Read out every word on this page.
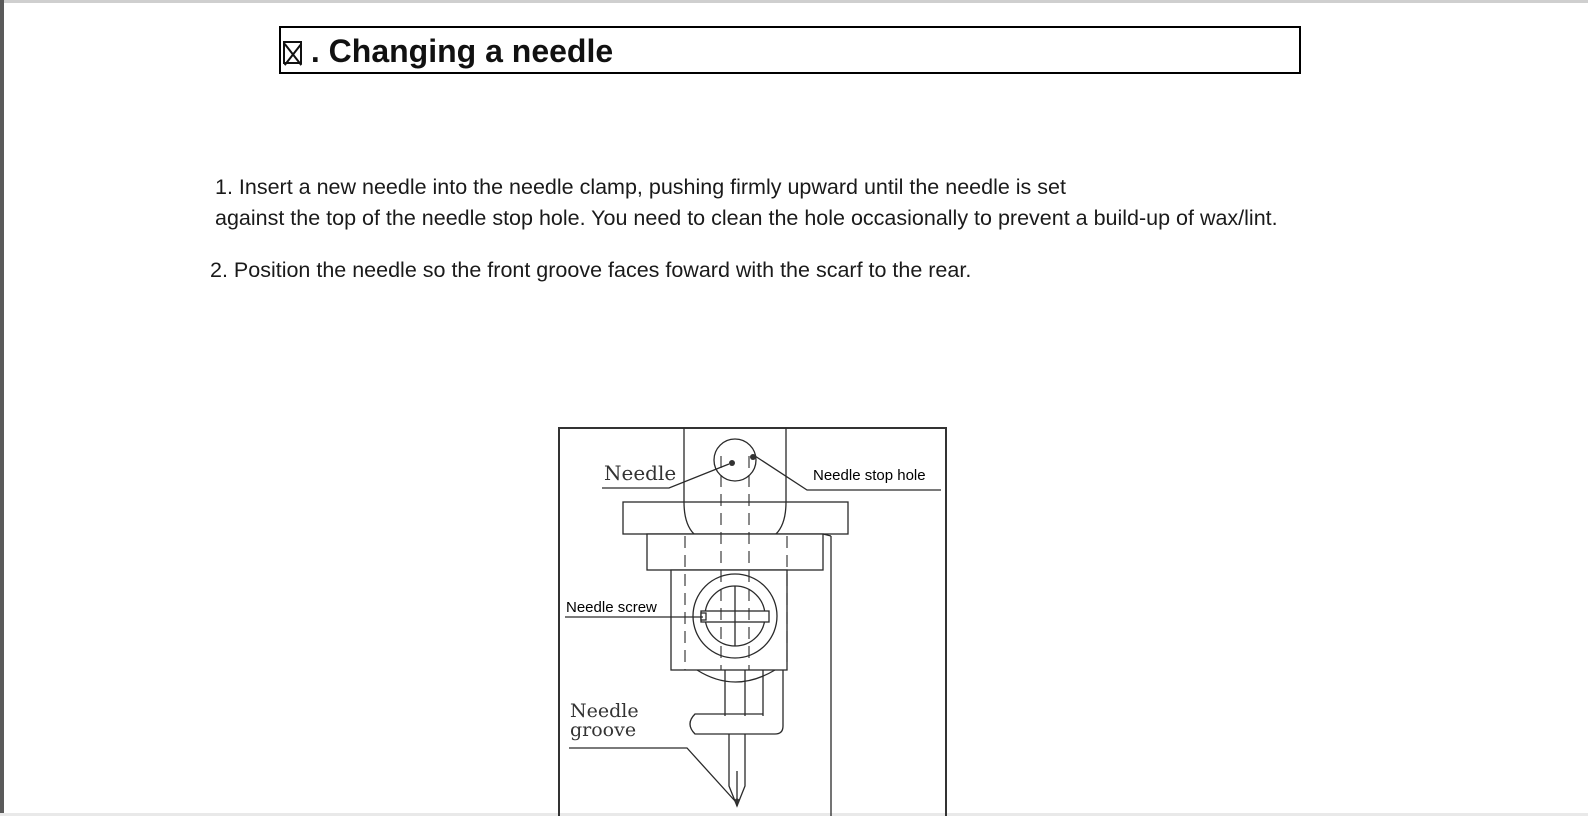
. Changing a needle
1. Insert a new needle into the needle clamp, pushing firmly upward until the needle is set
against the top of the needle stop hole. You need to clean the hole occasionally to prevent a build-up of wax/lint.
2. Position the needle so the front groove faces foward with the scarf to the rear.
Needle	Needle stop hole
Needle screw
Needle
groove
